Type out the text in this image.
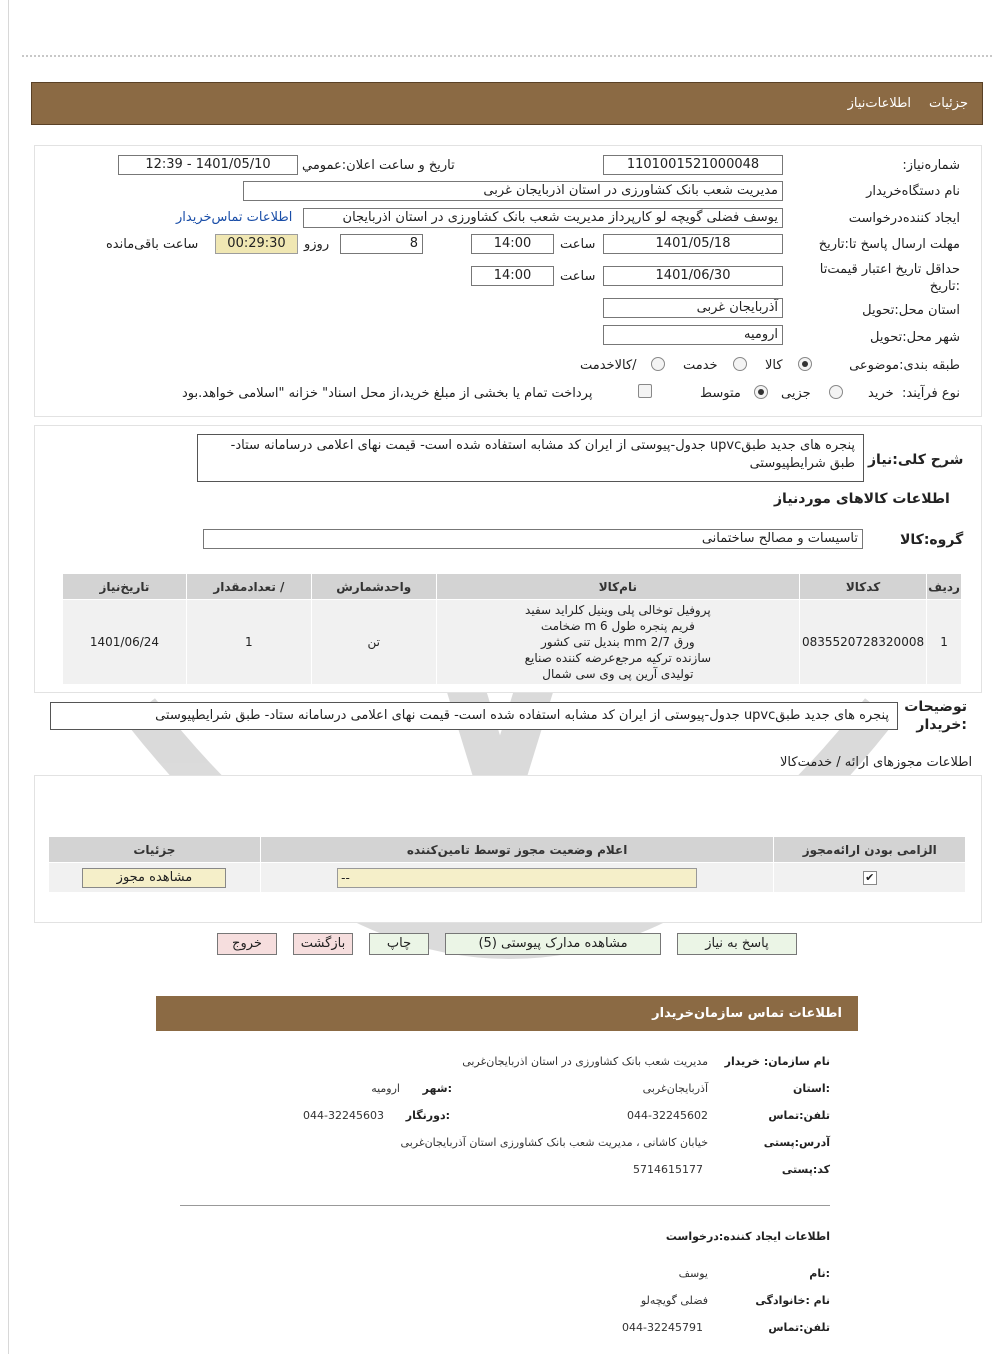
جزئیات
اطلاعات‌نیاز
شماره‌نیاز:
1101001521000048
تاریخ و ساعت اعلان:عمومي
1401/05/10 - 12:39
نام دستگاه‌خریدار
مدیریت شعب بانک کشاورزی در استان اذربایجان غربی
ایجاد کننده‌درخواست
یوسف فضلی گویچه لو کارپرداز مدیریت شعب بانک کشاورزی در استان اذربایجان
اطلاعات تماس‌خریدار
مهلت ارسال پاسخ تا:تاریخ
1401/05/18
ساعت
14:00
8
روزو
00:29:30
ساعت باقی‌مانده
حداقل تاریخ اعتبار قیمت‌تا :تاریخ
1401/06/30
ساعت
14:00
استان محل:تحویل
آذربایجان غربی
شهر محل:تحویل
ارومیه
طبقه بندی:موضوعی
کالا
خدمت
/کالاخدمت
نوع فرآیند:
خرید
جزیی
متوسط
پرداخت تمام یا بخشی از مبلغ خرید،از محل اسناد" خزانه "اسلامی خواهد.بود
شرح کلی:نیاز
پنجره های جدید طبقupvc جدول-پیوستی از ایران کد مشابه استفاده شده است- قیمت نهای اعلامی درسامانه ستاد- طبق شرایطپیوستی
اطلاعات کالاهای موردنیاز
گروه:کالا
تاسیسات و مصالح ساختمانی
ردیف	کدکالا	نام‌کالا	واحدشمارش	/ تعدادمقدار	تاریخ‌نیاز
1	0835520728320008	پروفیل توخالی پلی وینیل کلراید سفید
فریم پنجره طول 6 m ضخامت
ورق 2/7 mm بندیل تنی کشور
سازنده ترکیه مرجع‌عرضه کننده صنایع
تولیدی آرین پی وی سی شمال	تن	1	1401/06/24
توضیحات :خریدار
پنجره های جدید طبقupvc جدول-پیوستی از ایران کد مشابه استفاده شده است- قیمت نهای اعلامی درسامانه ستاد- طبق شرایطپیوستی
اطلاعات مجوزهای ارائه / خدمت‌کالا
الزامی بودن ارائه‌مجوز	اعلام وضعیت مجوز توسط تامین‌کننده	جزئیات
✔	--	مشاهده مجوز
پاسخ به نیاز
مشاهده مدارک پیوستی (5)
چاپ
بازگشت
خروج
اطلاعات تماس سازمان‌خریدار
نام سازمان: خریدار
مدیریت شعب بانک کشاورزی در استان اذربایجان‌غربی
:استان
آذربایجان‌غربی
:شهر
ارومیه
تلفن:تماس
044-32245602
:دورنگار
044-32245603
آدرس:پستی
خیابان کاشانی ، مدیریت شعب بانک کشاورزی استان آذربایجان‌غربی
کد:پستی
5714615177
اطلاعات ایجاد کننده:درخواست
:نام
یوسف
نام :خانوادگی
فضلی گویچه‌لو
تلفن:تماس
044-32245791
